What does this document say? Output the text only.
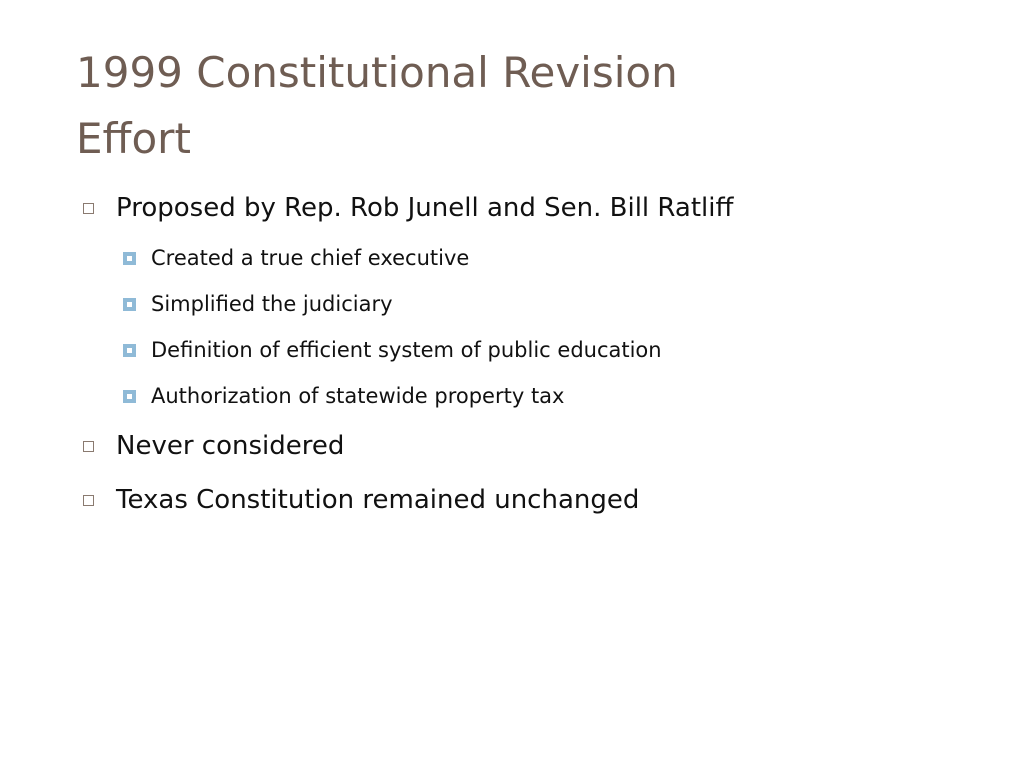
1999 Constitutional Revision
Effort
Proposed by Rep. Rob Junell and Sen. Bill Ratliff
Created a true chief executive
Simplified the judiciary
Definition of efficient system of public education
Authorization of statewide property tax
Never considered
Texas Constitution remained unchanged
